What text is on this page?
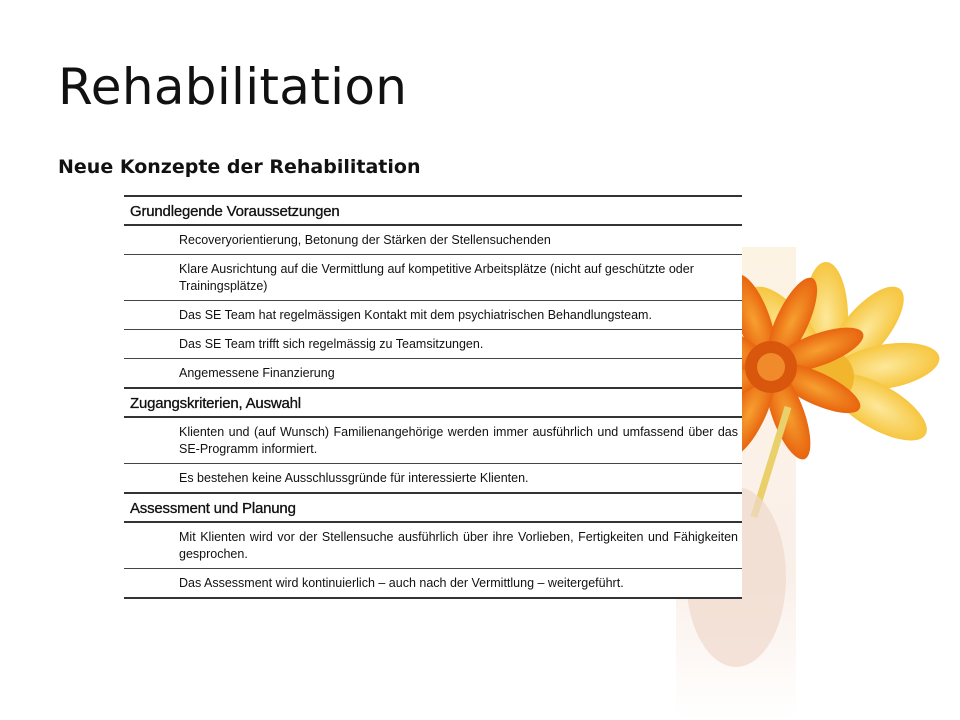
Rehabilitation
Neue Konzepte der Rehabilitation
Grundlegende Voraussetzungen
Recoveryorientierung, Betonung der Stärken der Stellensuchenden
Klare Ausrichtung auf die Vermittlung auf kompetitive Arbeitsplätze (nicht auf geschützte oder Trainingsplätze)
Das SE Team hat regelmässigen Kontakt mit dem psychiatrischen Behandlungsteam.
Das SE Team trifft sich regelmässig zu Teamsitzungen.
Angemessene Finanzierung
Zugangskriterien, Auswahl
Klienten und (auf Wunsch) Familienangehörige werden immer ausführlich und umfassend über das SE-Programm informiert.
Es bestehen keine Ausschlussgründe für interessierte Klienten.
Assessment und Planung
Mit Klienten wird vor der Stellensuche ausführlich über ihre Vorlieben, Fertigkeiten und Fähigkeiten gesprochen.
Das Assessment wird kontinuierlich – auch nach der Vermittlung – weitergeführt.
